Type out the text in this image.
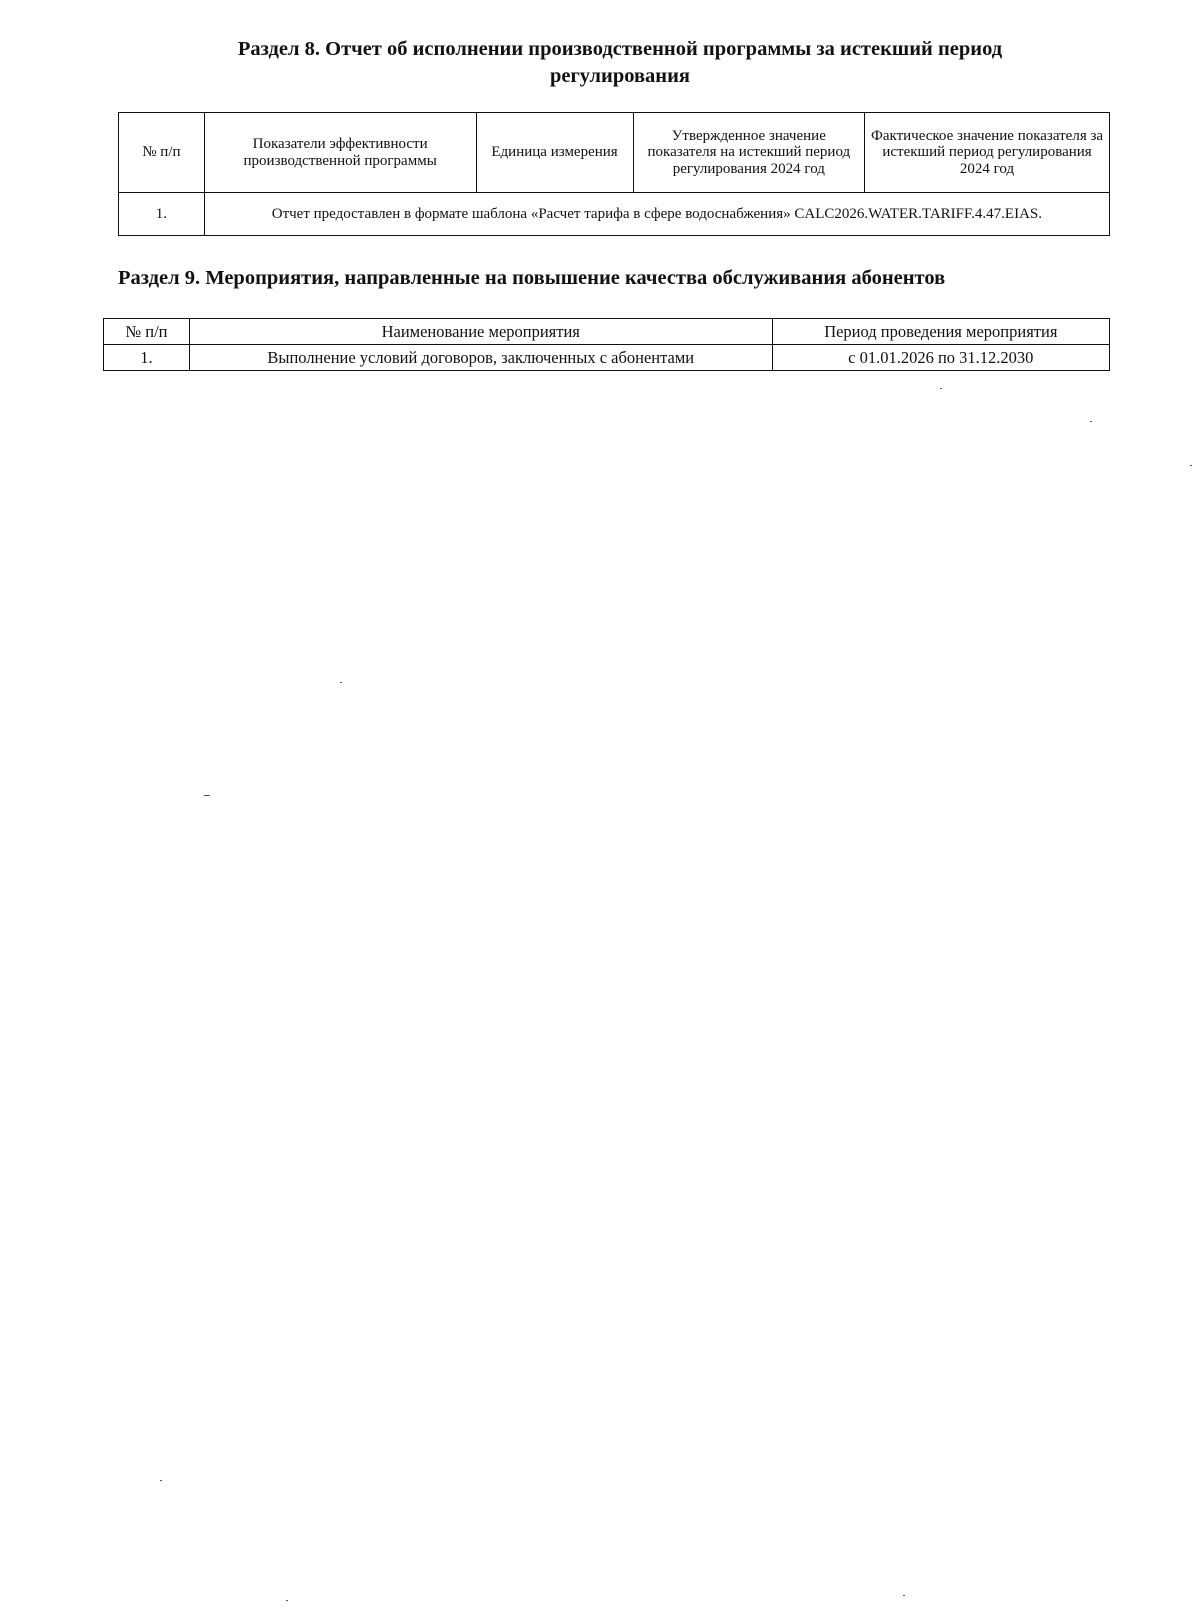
Раздел 8. Отчет об исполнении производственной программы за истекший период
регулирования
№ п/п	Показатели эффективности производственной программы	Единица измерения	Утвержденное значение показателя на истекший период регулирования 2024 год	Фактическое значение показателя за истекший период регулирования 2024 год
1.	Отчет предоставлен в формате шаблона «Расчет тарифа в сфере водоснабжения» CALC2026.WATER.TARIFF.4.47.EIAS.			
Раздел 9. Мероприятия, направленные на повышение качества обслуживания абонентов
№ п/п	Наименование мероприятия	Период проведения мероприятия
1.	Выполнение условий договоров, заключенных с абонентами	с 01.01.2026 по 31.12.2030
